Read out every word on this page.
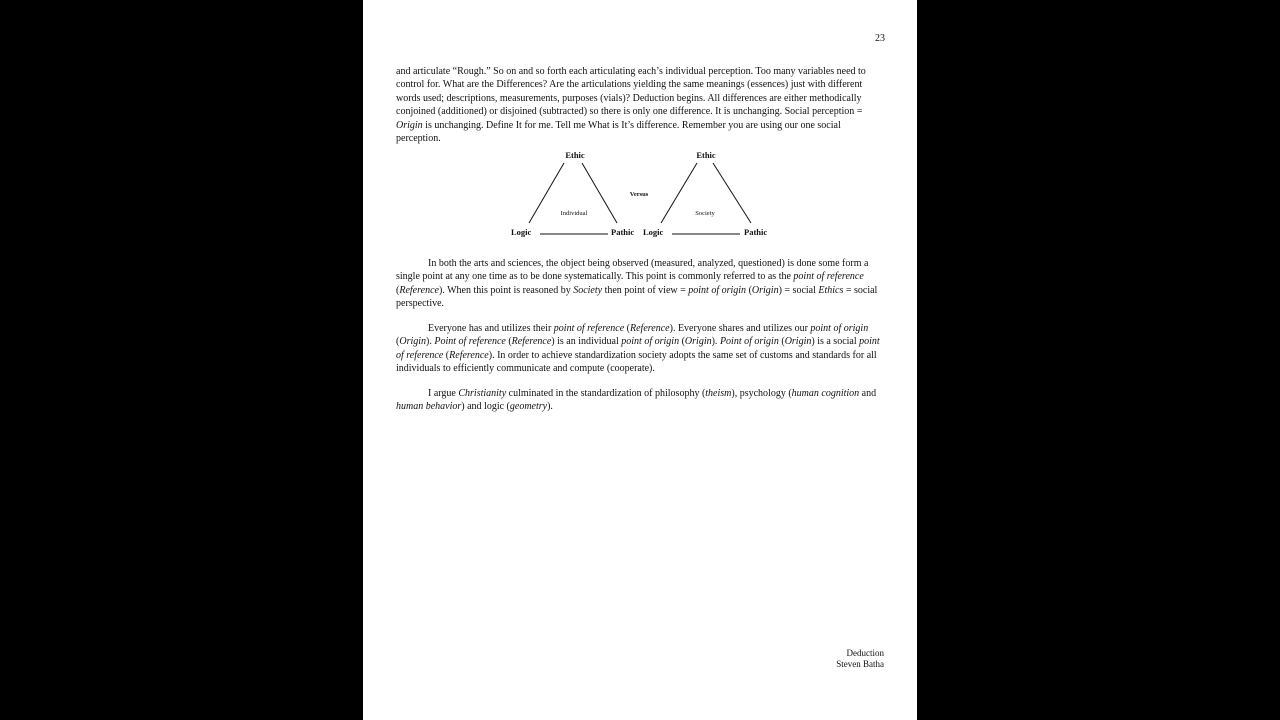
23

and articulate “Rough.” So on and so forth each articulating each’s individual perception. Too many variables need to control for. What are the Differences? Are the articulations yielding the same meanings (essences) just with different words used; descriptions, measurements, purposes (vials)? Deduction begins. All differences are either methodically conjoined (additioned) or disjoined (subtracted) so there is only one difference. It is unchanging. Social perception = Origin is unchanging. Define It for me. Tell me What is It’s difference. Remember you are using our one social perception.

Ethic
Logic	Pathic
Individual
Versus
Ethic
Logic	Pathic
Society

In both the arts and sciences, the object being observed (measured, analyzed, questioned) is done some form a single point at any one time as to be done systematically. This point is commonly referred to as the point of reference (Reference). When this point is reasoned by Society then point of view = point of origin (Origin) = social Ethics = social perspective.

Everyone has and utilizes their point of reference (Reference). Everyone shares and utilizes our point of origin (Origin). Point of reference (Reference) is an individual point of origin (Origin). Point of origin (Origin) is a social point of reference (Reference). In order to achieve standardization society adopts the same set of customs and standards for all individuals to efficiently communicate and compute (cooperate).

I argue Christianity culminated in the standardization of philosophy (theism), psychology (human cognition and human behavior) and logic (geometry).

Deduction
Steven Batha
